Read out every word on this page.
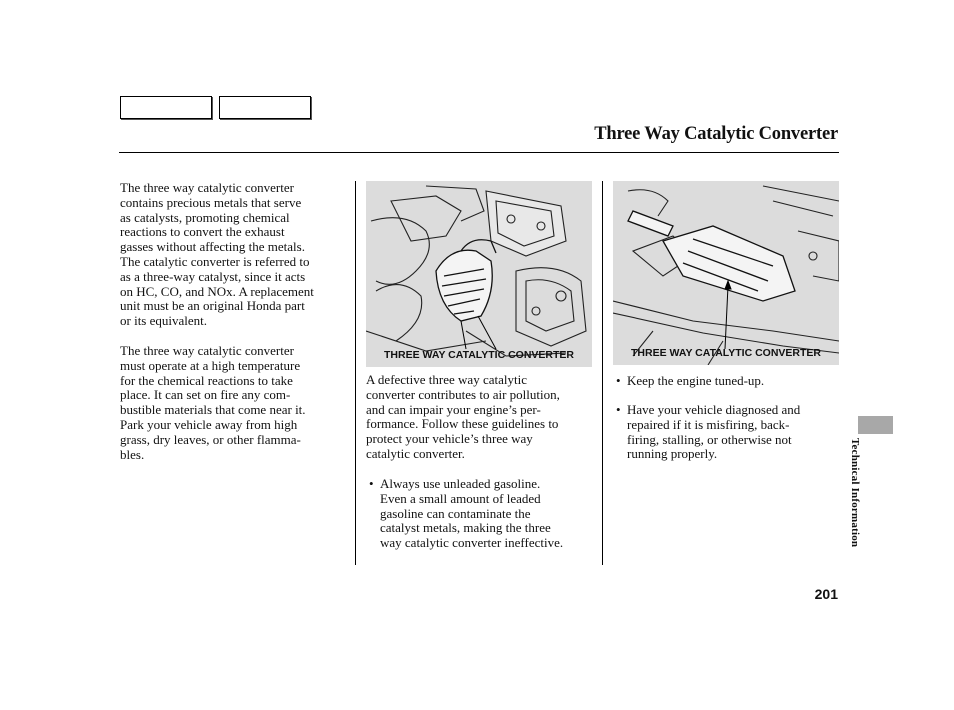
Three Way Catalytic Converter

The three way catalytic converter
contains precious metals that serve
as catalysts, promoting chemical
reactions to convert the exhaust
gasses without affecting the metals.
The catalytic converter is referred to
as a three-way catalyst, since it acts
on HC, CO, and NOx. A replacement
unit must be an original Honda part
or its equivalent.

The three way catalytic converter
must operate at a high temperature
for the chemical reactions to take
place. It can set on fire any com-
bustible materials that come near it.
Park your vehicle away from high
grass, dry leaves, or other flamma-
bles.

THREE WAY CATALYTIC CONVERTER

A defective three way catalytic
converter contributes to air pollution,
and can impair your engine’s per-
formance. Follow these guidelines to
protect your vehicle’s three way
catalytic converter.

• Always use unleaded gasoline.
Even a small amount of leaded
gasoline can contaminate the
catalyst metals, making the three
way catalytic converter ineffective.
THREE WAY CATALYTIC CONVERTER
• Keep the engine tuned-up.
• Have your vehicle diagnosed and
repaired if it is misfiring, back-
firing, stalling, or otherwise not
running properly.	Technical Information
201
